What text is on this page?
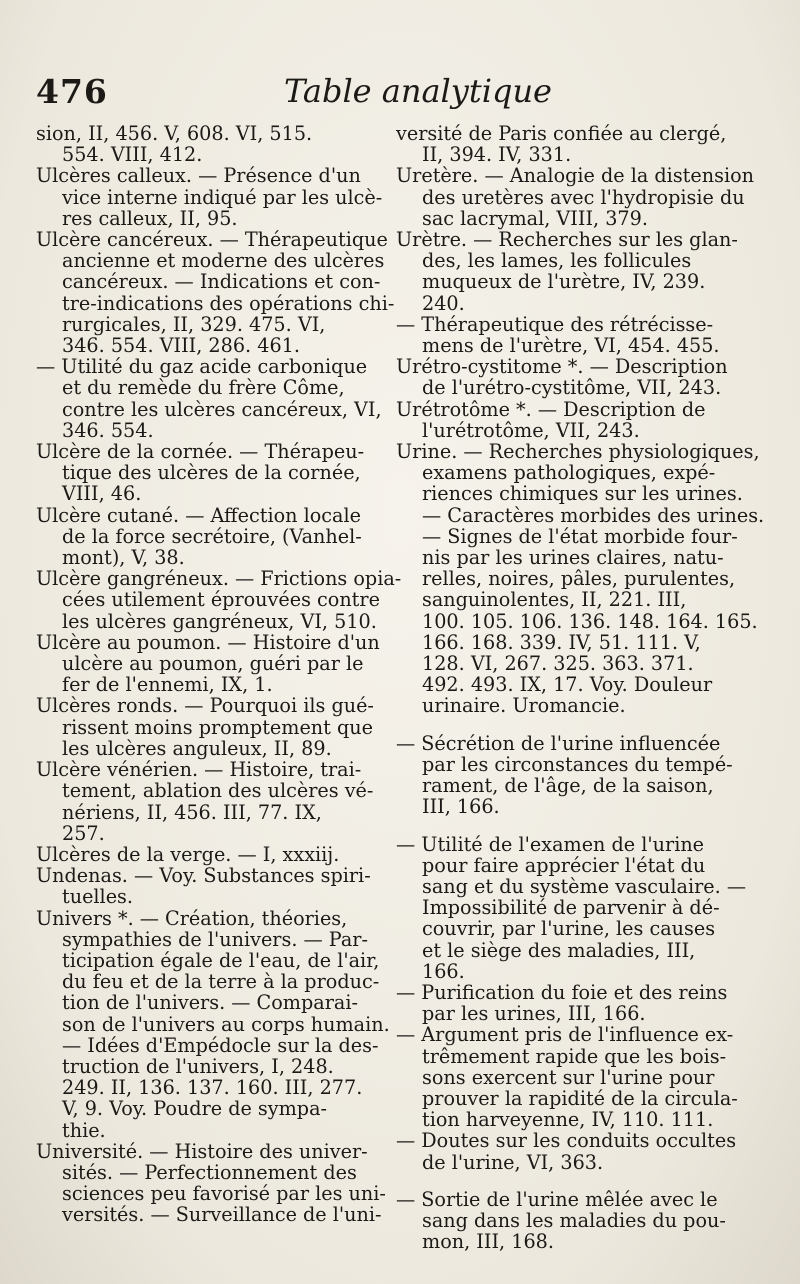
476	Table analytique
sion, II, 456. V, 608. VI, 515.
554. VIII, 412.
Ulcères calleux. — Présence d'un
vice interne indiqué par les ulcè-
res calleux, II, 95.
Ulcère cancéreux. — Thérapeutique
ancienne et moderne des ulcères
cancéreux. — Indications et con-
tre-indications des opérations chi-
rurgicales, II, 329. 475. VI,
346. 554. VIII, 286. 461.
— Utilité du gaz acide carbonique
et du remède du frère Côme,
contre les ulcères cancéreux, VI,
346. 554.
Ulcère de la cornée. — Thérapeu-
tique des ulcères de la cornée,
VIII, 46.
Ulcère cutané. — Affection locale
de la force secrétoire, (Vanhel-
mont), V, 38.
Ulcère gangréneux. — Frictions opia-
cées utilement éprouvées contre
les ulcères gangréneux, VI, 510.
Ulcère au poumon. — Histoire d'un
ulcère au poumon, guéri par le
fer de l'ennemi, IX, 1.
Ulcères ronds. — Pourquoi ils gué-
rissent moins promptement que
les ulcères anguleux, II, 89.
Ulcère vénérien. — Histoire, trai-
tement, ablation des ulcères vé-
nériens, II, 456. III, 77. IX,
257.
Ulcères de la verge. — I, xxxiij.
Undenas. — Voy. Substances spiri-
tuelles.
Univers *. — Création, théories,
sympathies de l'univers. — Par-
ticipation égale de l'eau, de l'air,
du feu et de la terre à la produc-
tion de l'univers. — Comparai-
son de l'univers au corps humain.
— Idées d'Empédocle sur la des-
truction de l'univers, I, 248.
249. II, 136. 137. 160. III, 277.
V, 9. Voy. Poudre de sympa-
thie.
Université. — Histoire des univer-
sités. — Perfectionnement des
sciences peu favorisé par les uni-
versités. — Surveillance de l'uni-
versité de Paris confiée au clergé,
II, 394. IV, 331.
Uretère. — Analogie de la distension
des uretères avec l'hydropisie du
sac lacrymal, VIII, 379.
Urètre. — Recherches sur les glan-
des, les lames, les follicules
muqueux de l'urètre, IV, 239.
240.
— Thérapeutique des rétrécisse-
mens de l'urètre, VI, 454. 455.
Urétro-cystitome *. — Description
de l'urétro-cystitôme, VII, 243.
Urétrotôme *. — Description de
l'urétrotôme, VII, 243.
Urine. — Recherches physiologiques,
examens pathologiques, expé-
riences chimiques sur les urines.
— Caractères morbides des urines.
— Signes de l'état morbide four-
nis par les urines claires, natu-
relles, noires, pâles, purulentes,
sanguinolentes, II, 221. III,
100. 105. 106. 136. 148. 164. 165.
166. 168. 339. IV, 51. 111. V,
128. VI, 267. 325. 363. 371.
492. 493. IX, 17. Voy. Douleur
urinaire. Uromancie.
— Sécrétion de l'urine influencée
par les circonstances du tempé-
rament, de l'âge, de la saison,
III, 166.
— Utilité de l'examen de l'urine
pour faire apprécier l'état du
sang et du système vasculaire. —
Impossibilité de parvenir à dé-
couvrir, par l'urine, les causes
et le siège des maladies, III,
166.
— Purification du foie et des reins
par les urines, III, 166.
— Argument pris de l'influence ex-
trêmement rapide que les bois-
sons exercent sur l'urine pour
prouver la rapidité de la circula-
tion harveyenne, IV, 110. 111.
— Doutes sur les conduits occultes
de l'urine, VI, 363.
— Sortie de l'urine mêlée avec le
sang dans les maladies du pou-
mon, III, 168.
